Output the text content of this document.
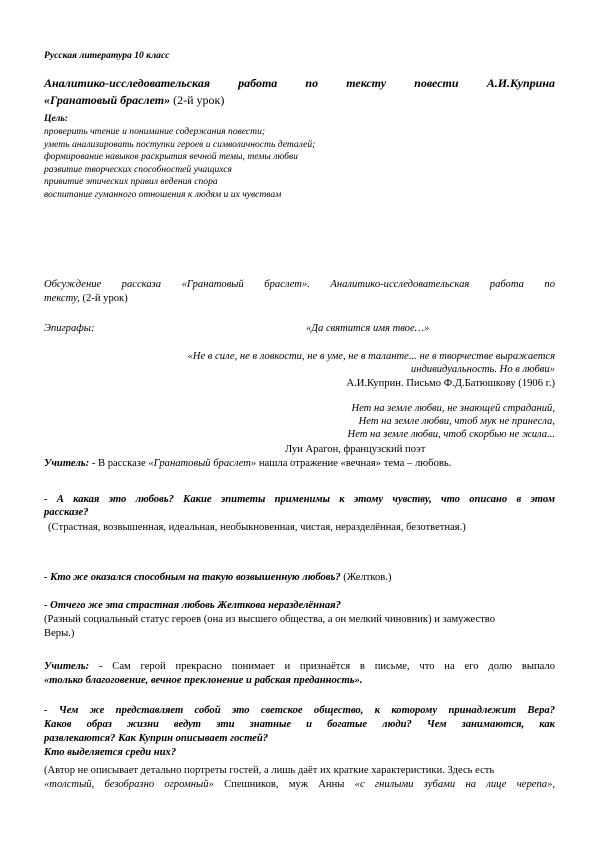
Русская литература 10 класс
Аналитико-исследовательская работа по тексту повести А.И.Куприна
«Гранатовый браслет» (2-й урок)
Цель:
проверить чтение и понимание содержания повести;
уметь анализировать поступки героев и символичность деталей;
формирование навыков раскрытия вечной темы, темы любви
развитие творческих способностей учащихся
привитие этических правил ведения спора
воспитание гуманного отношения к людям и их чувствам
Обсуждение рассказа «Гранатовый браслет». Аналитико-исследовательская работа по
тексту, (2-й урок)
Эпиграфы:	«Да святится имя твое…»
«Не в силе, не в ловкости, не в уме, не в таланте... не в творчестве выражается
индивидуальность. Но в любви»
А.И.Куприн. Письмо Ф.Д.Батюшкову (1906 г.)
Нет на земле любви, не знающей страданий,
Нет на земле любви, чтоб мук не принесла,
Нет на земле любви, чтоб скорбью не жила...
Луи Арагон, французский поэт
Учитель: - В рассказе «Гранатовый браслет» нашла отражение «вечная» тема – любовь.
- А какая это любовь? Какие эпитеты применимы к этому чувству, что описано в этом
рассказе?
(Страстная, возвышенная, идеальная, необыкновенная, чистая, неразделённая, безответная.)
- Кто же оказался способным на такую возвышенную любовь? (Желтков.)
- Отчего же эта страстная любовь Желткова неразделённая?
(Разный социальный статус героев (она из высшего общества, а он мелкий чиновник) и замужество
Веры.)
Учитель: - Сам герой прекрасно понимает и признаётся в письме, что на его долю выпало
«только благоговение, вечное преклонение и рабская преданность».
- Чем же представляет собой это светское общество, к которому принадлежит Вера?
Каков образ жизни ведут эти знатные и богатые люди? Чем занимаются, как
развлекаются? Как Куприн описывает гостей?
Кто выделяется среди них?
(Автор не описывает детально портреты гостей, а лишь даёт их краткие характеристики. Здесь есть
«толстый, безобразно огромный» Спешников, муж Анны «с гнилыми зубами на лице черепа»,
